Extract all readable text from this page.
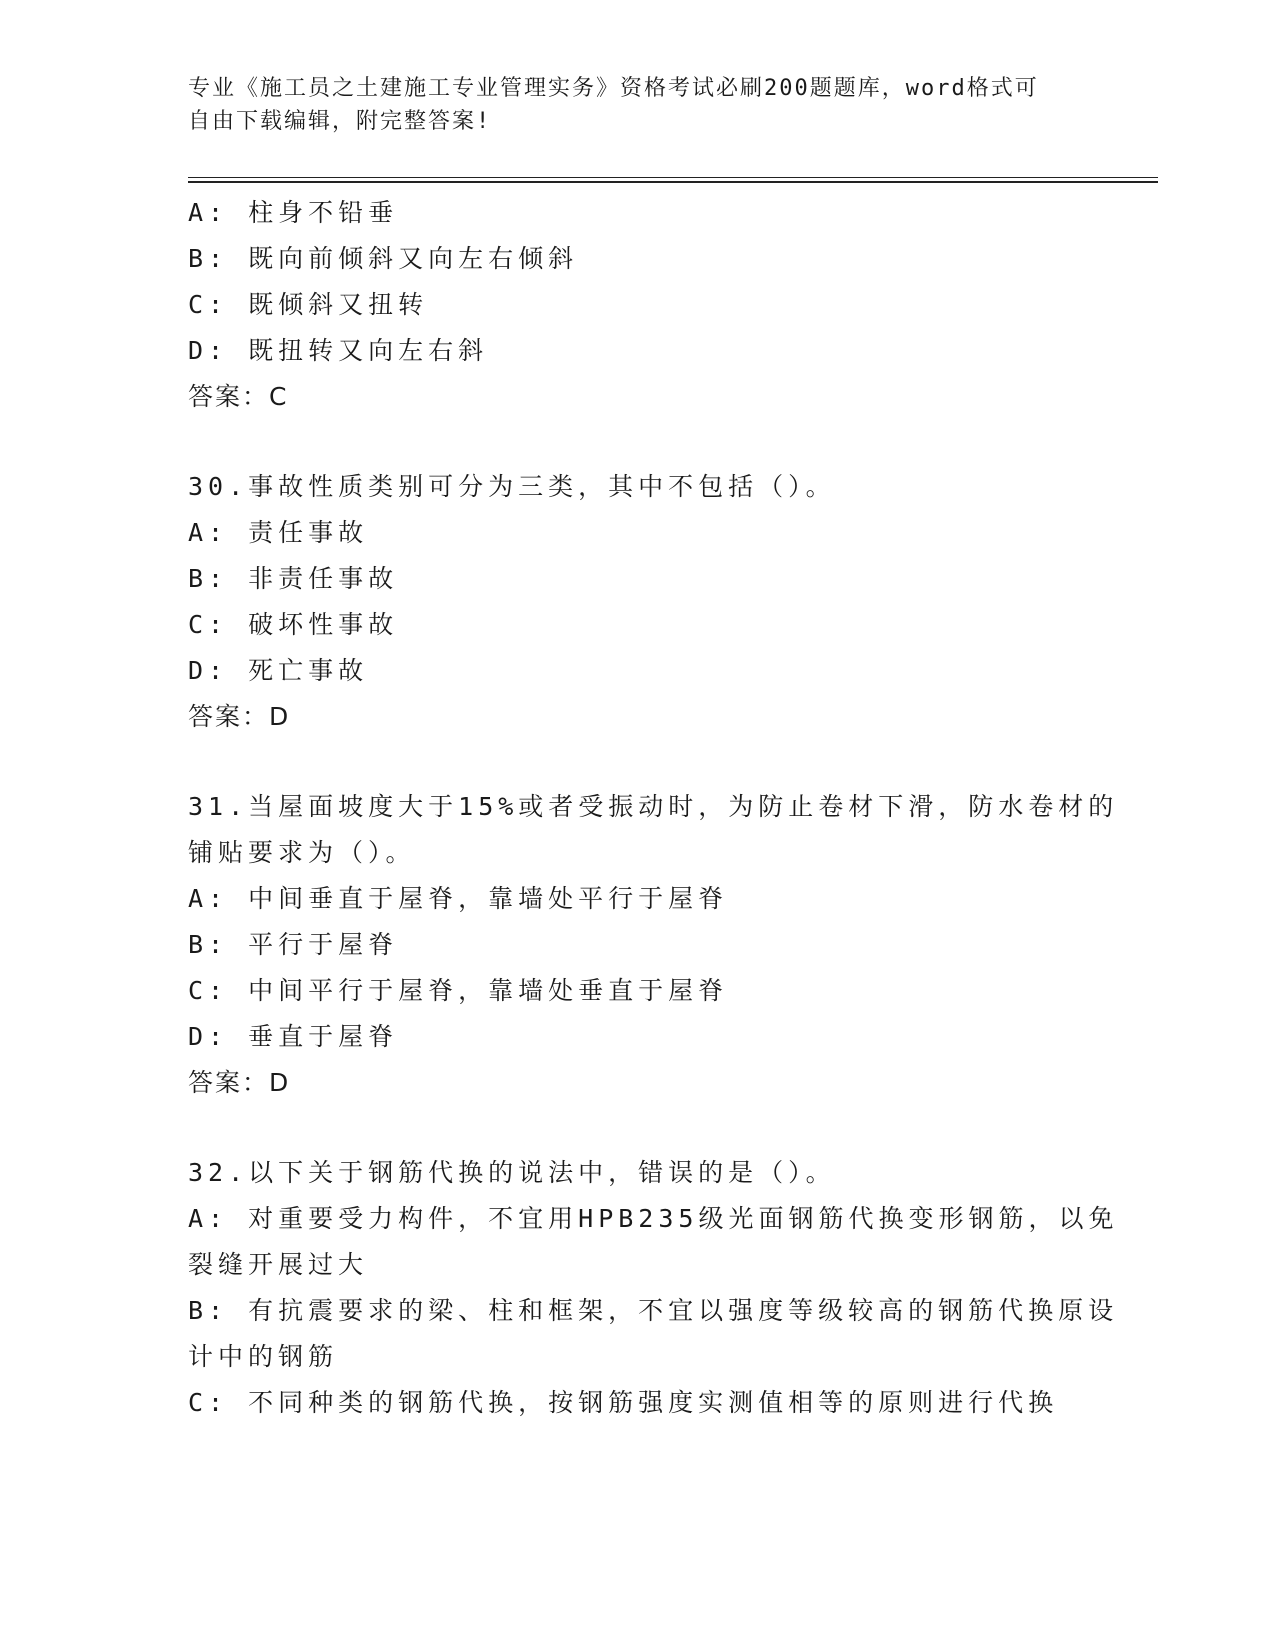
专业《施工员之土建施工专业管理实务》资格考试必刷200题题库，word格式可
自由下载编辑，附完整答案!
A: 柱身不铅垂
B: 既向前倾斜又向左右倾斜
C: 既倾斜又扭转
D: 既扭转又向左右斜
答案：C
30.事故性质类别可分为三类，其中不包括（）。
A: 责任事故
B: 非责任事故
C: 破坏性事故
D: 死亡事故
答案：D
31.当屋面坡度大于15%或者受振动时，为防止卷材下滑，防水卷材的
铺贴要求为（）。
A: 中间垂直于屋脊，靠墙处平行于屋脊
B: 平行于屋脊
C: 中间平行于屋脊，靠墙处垂直于屋脊
D: 垂直于屋脊
答案：D
32.以下关于钢筋代换的说法中，错误的是（）。
A: 对重要受力构件，不宜用HPB235级光面钢筋代换变形钢筋，以免
裂缝开展过大
B: 有抗震要求的梁、柱和框架，不宜以强度等级较高的钢筋代换原设
计中的钢筋
C: 不同种类的钢筋代换，按钢筋强度实测值相等的原则进行代换
